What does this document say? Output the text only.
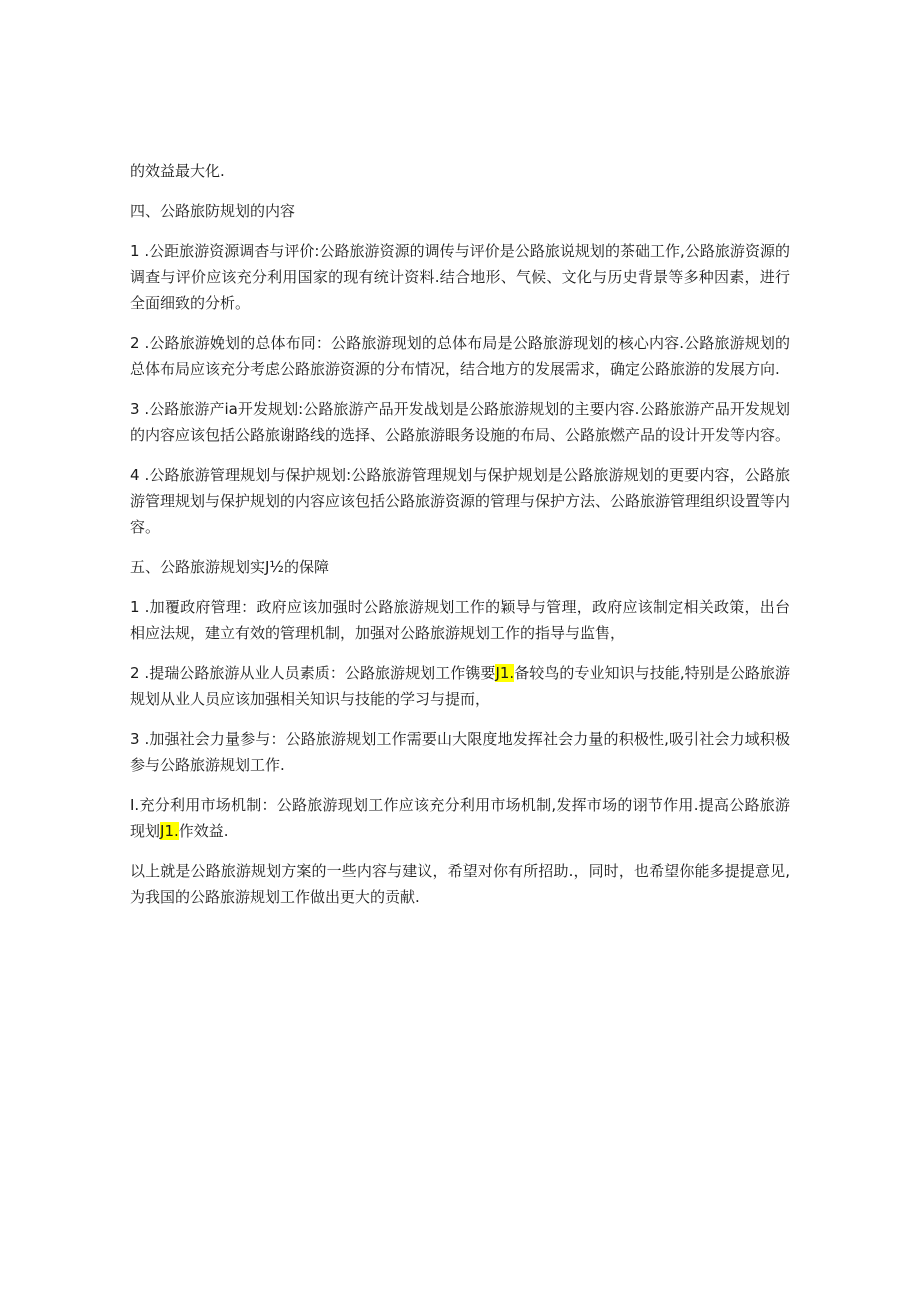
的效益最大化.

四、公路旅防规划的内容

1 .公距旅游资源调杳与评价:公路旅游资源的调传与评价是公路旅说规划的茶础工作,公路旅游资源的调查与评价应该充分利用国家的现有统计资料.结合地形、气候、文化与历史背景等多种因素，进行全面细致的分析。

2 .公路旅游娩划的总体布同：公路旅游现划的总体布局是公路旅游现划的核心内容.公路旅游规划的总体布局应该充分考虑公路旅游资源的分布情况，结合地方的发展需求，确定公路旅游的发展方向.

3 .公路旅游产ia开发规划:公路旅游产品开发战划是公路旅游规划的主要内容.公路旅游产品开发规划的内容应该包括公路旅谢路线的选择、公路旅游眼务设施的布局、公路旅燃产品的设计开发等内容。

4 .公路旅游管理规划与保护规划:公路旅游管理规划与保护规划是公路旅游规划的更要内容，公路旅游管理规划与保护规划的内容应该包括公路旅游资源的管理与保护方法、公路旅游管理组织设置等内容。

五、公路旅游规划实J½的保障

1 .加覆政府管理：政府应该加强时公路旅游规划工作的颖导与管理，政府应该制定相关政策，出台相应法规，建立有效的管理机制，加强对公路旅游规划工作的指导与监售，

2 .提瑞公路旅游从业人员素质：公路旅游规划工作镌要J1.备较鸟的专业知识与技能,特别是公路旅游规划从业人员应该加强相关知识与技能的学习与提而，

3 .加强社会力量参与：公路旅游规划工作需要山大限度地发挥社会力量的积极性,吸引社会力域积极参与公路旅游规划工作.

I.充分利用市场机制：公路旅游现划工作应该充分利用市场机制,发挥市场的诩节作用.提高公路旅游现划J1.作效益.

以上就是公路旅游规划方案的一些内容与建议，希望对你有所招助.，同时，也希望你能多提提意见,为我国的公路旅游规划工作做出更大的贡献.
